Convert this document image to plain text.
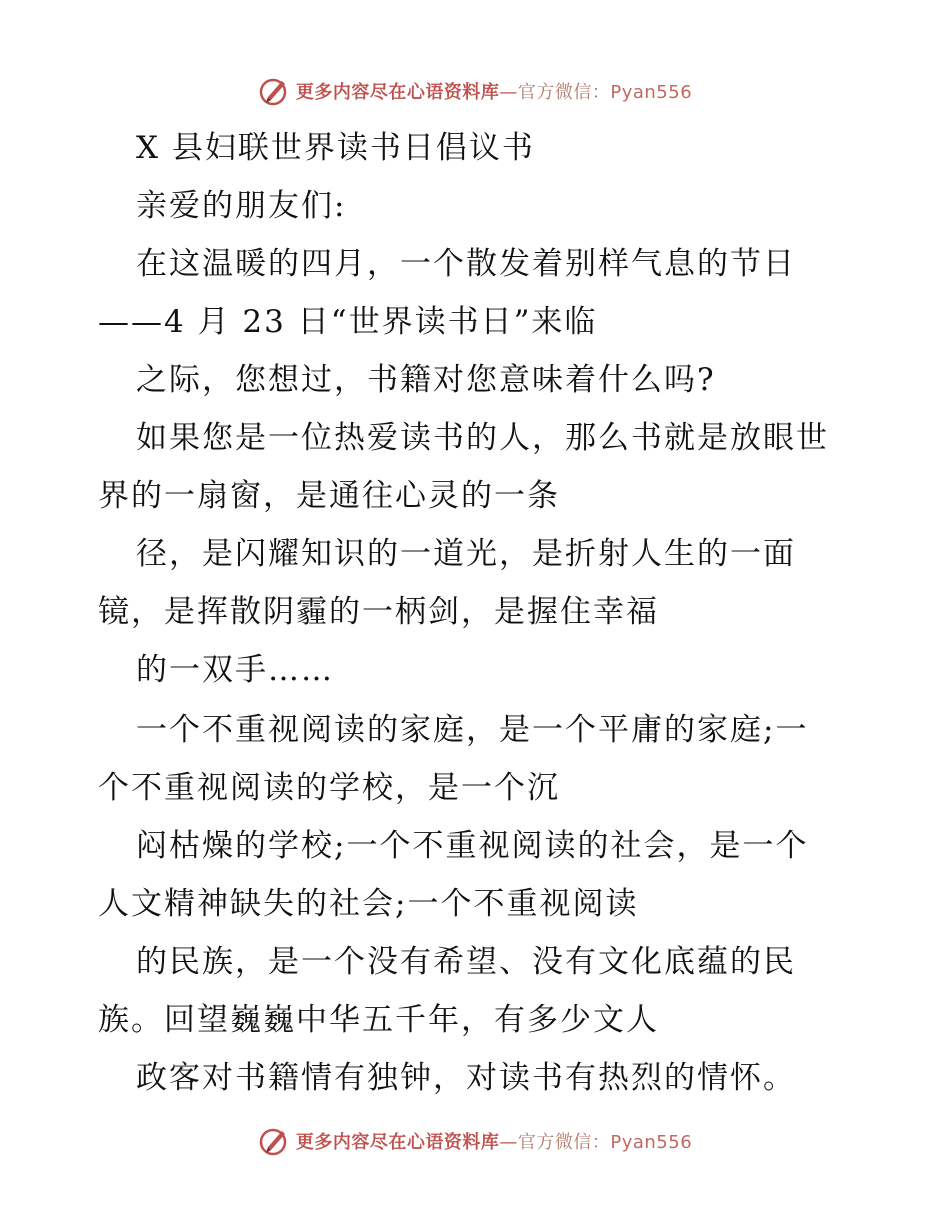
更多内容尽在心语资料库—官方微信：Pyan556
X 县妇联世界读书日倡议书
亲爱的朋友们:
在这温暖的四月，一个散发着别样气息的节日
——4 月 23 日“世界读书日”来临
之际，您想过，书籍对您意味着什么吗?
如果您是一位热爱读书的人，那么书就是放眼世
界的一扇窗，是通往心灵的一条
径，是闪耀知识的一道光，是折射人生的一面
镜，是挥散阴霾的一柄剑，是握住幸福
的一双手……
一个不重视阅读的家庭，是一个平庸的家庭;一
个不重视阅读的学校，是一个沉
闷枯燥的学校;一个不重视阅读的社会，是一个
人文精神缺失的社会;一个不重视阅读
的民族，是一个没有希望、没有文化底蕴的民
族。回望巍巍中华五千年，有多少文人
政客对书籍情有独钟，对读书有热烈的情怀。
更多内容尽在心语资料库—官方微信：Pyan556
